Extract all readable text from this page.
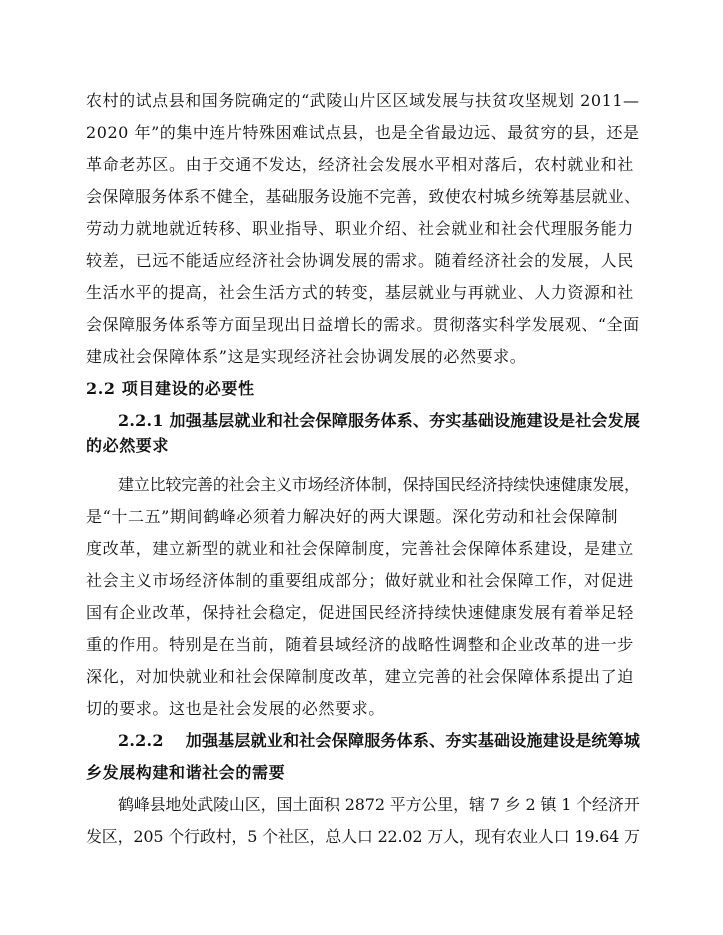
农村的试点县和国务院确定的“武陵山片区区域发展与扶贫攻坚规划 2011—
2020 年”的集中连片特殊困难试点县，也是全省最边远、最贫穷的县，还是
革命老苏区。由于交通不发达，经济社会发展水平相对落后，农村就业和社
会保障服务体系不健全，基础服务设施不完善，致使农村城乡统筹基层就业、
劳动力就地就近转移、职业指导、职业介绍、社会就业和社会代理服务能力
较差，已远不能适应经济社会协调发展的需求。随着经济社会的发展，人民
生活水平的提高，社会生活方式的转变，基层就业与再就业、人力资源和社
会保障服务体系等方面呈现出日益增长的需求。贯彻落实科学发展观、“全面
建成社会保障体系”这是实现经济社会协调发展的必然要求。
2.2 项目建设的必要性
2.2.1 加强基层就业和社会保障服务体系、夯实基础设施建设是社会发展
的必然要求
建立比较完善的社会主义市场经济体制，保持国民经济持续快速健康发展，
是“十二五”期间鹤峰必须着力解决好的两大课题。深化劳动和社会保障制
度改革，建立新型的就业和社会保障制度，完善社会保障体系建设，是建立
社会主义市场经济体制的重要组成部分；做好就业和社会保障工作，对促进
国有企业改革，保持社会稳定，促进国民经济持续快速健康发展有着举足轻
重的作用。特别是在当前，随着县域经济的战略性调整和企业改革的进一步
深化，对加快就业和社会保障制度改革，建立完善的社会保障体系提出了迫
切的要求。这也是社会发展的必然要求。
2.2.2　 加强基层就业和社会保障服务体系、夯实基础设施建设是统筹城
乡发展构建和谐社会的需要
鹤峰县地处武陵山区，国土面积 2872 平方公里，辖 7 乡 2 镇 1 个经济开
发区，205 个行政村，5 个社区，总人口 22.02 万人，现有农业人口 19.64 万
